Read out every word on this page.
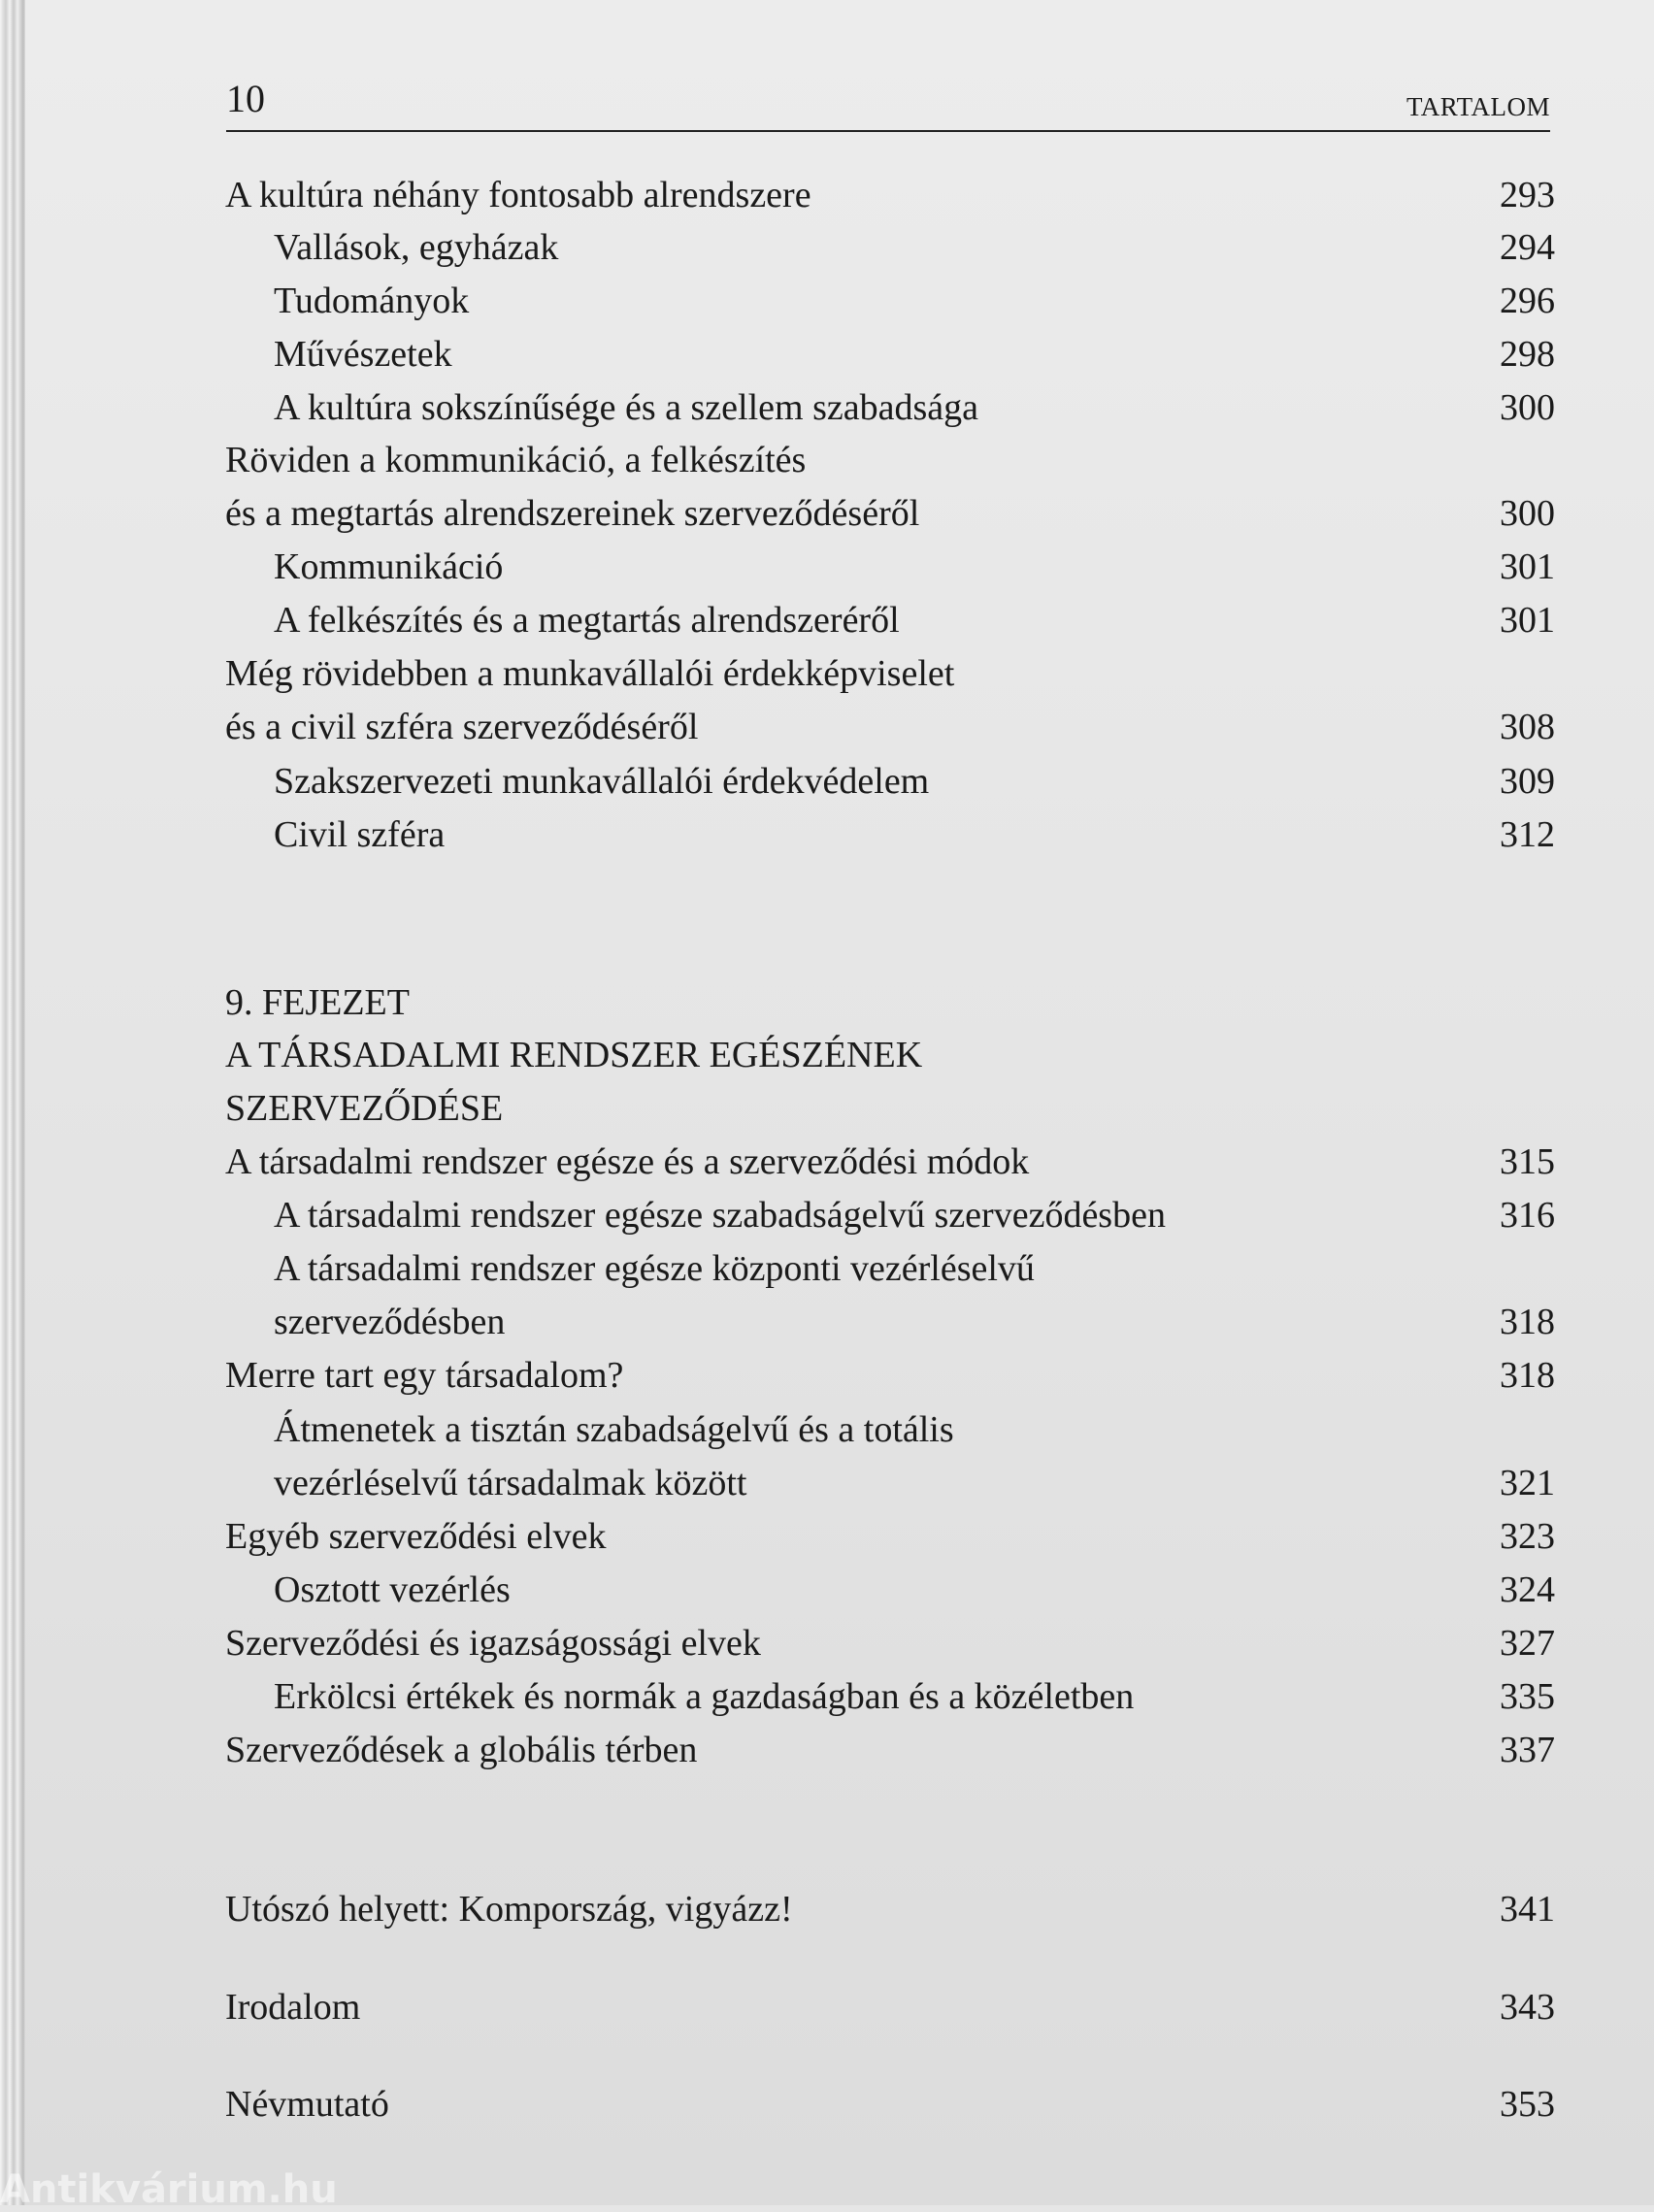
10	TARTALOM
A kultúra néhány fontosabb alrendszere	293
Vallások, egyházak	294
Tudományok	296
Művészetek	298
A kultúra sokszínűsége és a szellem szabadsága	300
Röviden a kommunikáció, a felkészítés
és a megtartás alrendszereinek szerveződéséről	300
Kommunikáció	301
A felkészítés és a megtartás alrendszeréről	301
Még rövidebben a munkavállalói érdekképviselet
és a civil szféra szerveződéséről	308
Szakszervezeti munkavállalói érdekvédelem	309
Civil szféra	312
9. FEJEZET
A TÁRSADALMI RENDSZER EGÉSZÉNEK
SZERVEZŐDÉSE
A társadalmi rendszer egésze és a szerveződési módok	315
A társadalmi rendszer egésze szabadságelvű szerveződésben	316
A társadalmi rendszer egésze központi vezérléselvű
szerveződésben	318
Merre tart egy társadalom?	318
Átmenetek a tisztán szabadságelvű és a totális
vezérléselvű társadalmak között	321
Egyéb szerveződési elvek	323
Osztott vezérlés	324
Szerveződési és igazságossági elvek	327
Erkölcsi értékek és normák a gazdaságban és a közéletben	335
Szerveződések a globális térben	337
Utószó helyett: Kompország, vigyázz!	341
Irodalom	343
Névmutató	353
Antikvárium.hu
